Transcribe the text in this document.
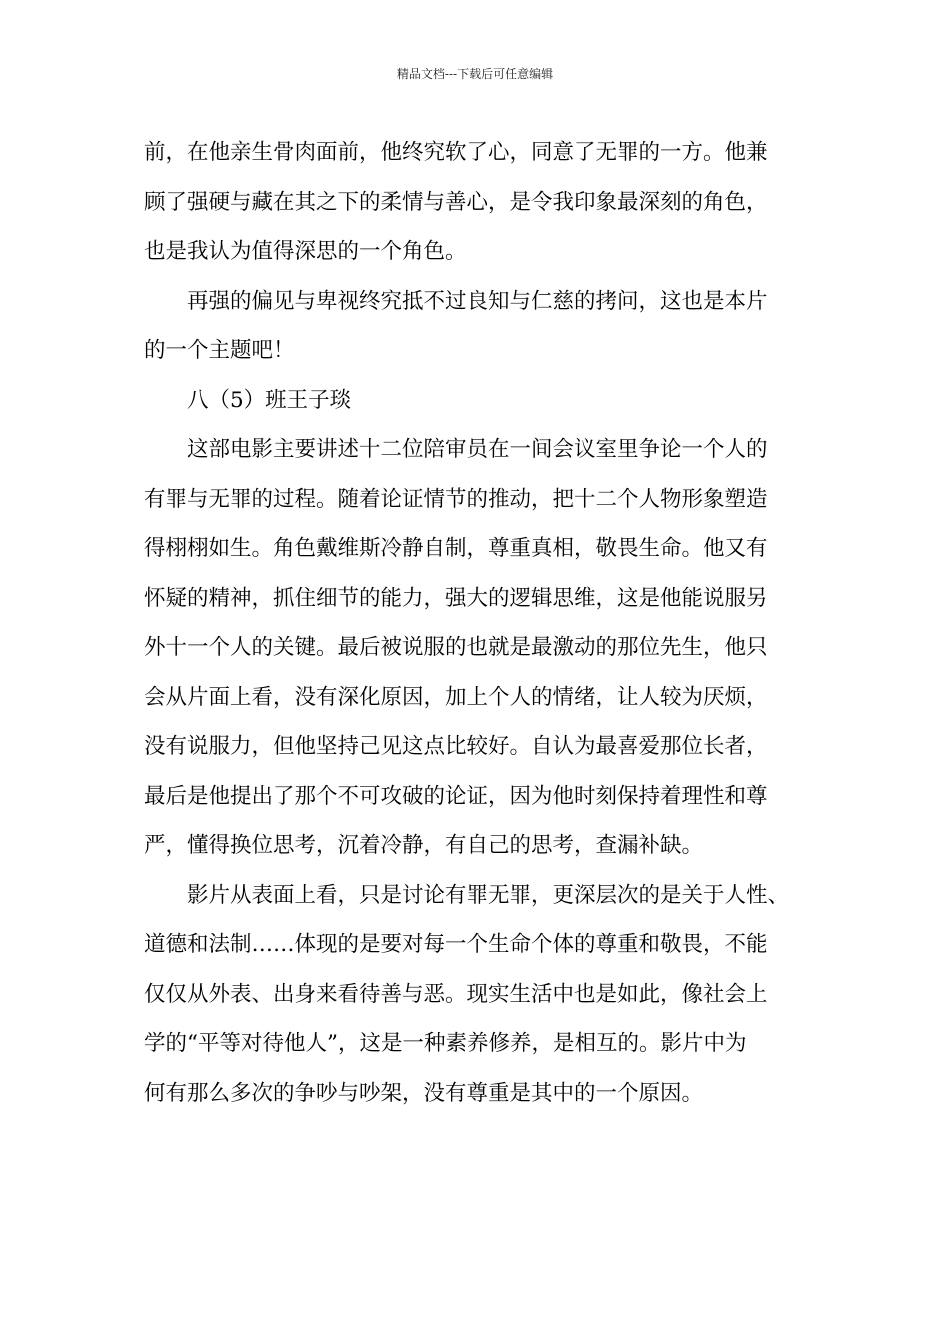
精品文档---下载后可任意编辑
前，在他亲生骨肉面前，他终究软了心，同意了无罪的一方。他兼
顾了强硬与藏在其之下的柔情与善心，是令我印象最深刻的角色，
也是我认为值得深思的一个角色。
再强的偏见与卑视终究抵不过良知与仁慈的拷问，这也是本片
的一个主题吧！
八（5）班王子琰
这部电影主要讲述十二位陪审员在一间会议室里争论一个人的
有罪与无罪的过程。随着论证情节的推动，把十二个人物形象塑造
得栩栩如生。角色戴维斯冷静自制，尊重真相，敬畏生命。他又有
怀疑的精神，抓住细节的能力，强大的逻辑思维，这是他能说服另
外十一个人的关键。最后被说服的也就是最激动的那位先生，他只
会从片面上看，没有深化原因，加上个人的情绪，让人较为厌烦，
没有说服力，但他坚持己见这点比较好。自认为最喜爱那位长者，
最后是他提出了那个不可攻破的论证，因为他时刻保持着理性和尊
严，懂得换位思考，沉着冷静，有自己的思考，查漏补缺。
影片从表面上看，只是讨论有罪无罪，更深层次的是关于人性、
道德和法制……体现的是要对每一个生命个体的尊重和敬畏，不能
仅仅从外表、出身来看待善与恶。现实生活中也是如此，像社会上
学的“平等对待他人”，这是一种素养修养，是相互的。影片中为
何有那么多次的争吵与吵架，没有尊重是其中的一个原因。
